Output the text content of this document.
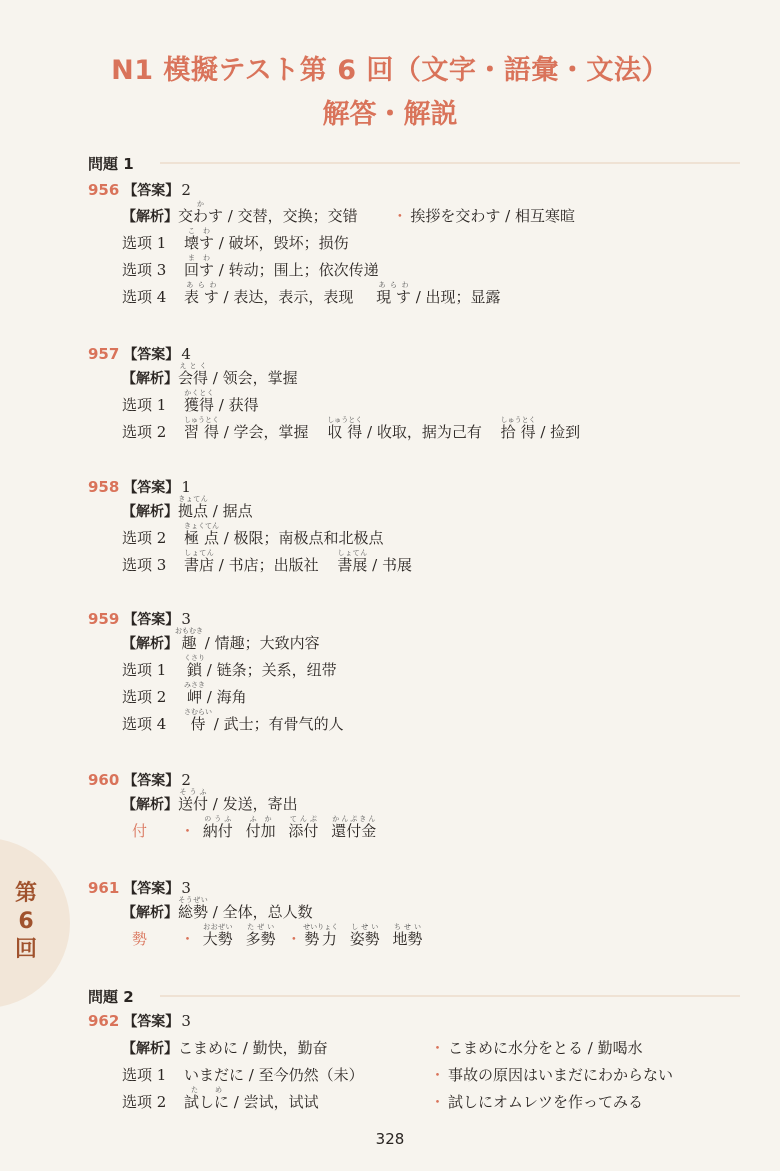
N1 模擬テスト第 6 回（文字・語彙・文法）
解答・解説
第6回
問題 1
956 【答案】 2
【解析】交わすか / 交替，交换；交错 ・ 挨拶を交わす / 相互寒暄
选项 1 壊すこわ / 破坏，毁坏；损伤
选项 3 回すまわ / 转动；围上；依次传递
选项 4 表 すあらわ / 表达，表示，表现 現 すあらわ / 出现；显露
957 【答案】 4
【解析】会得えとく / 领会，掌握
选项 1 獲得かくとく / 获得
选项 2 習 得しゅうとく / 学会，掌握 収 得しゅうとく / 收取，据为己有 拾 得しゅうとく / 捡到
958 【答案】 1
【解析】拠点きょてん / 据点
选项 2 極 点きょくてん / 极限；南极点和北极点
选项 3 書店しょてん / 书店；出版社 書展しょてん / 书展
959 【答案】 3
【解析】趣おもむき / 情趣；大致内容
选项 1 鎖くさり / 链条；关系，纽带
选项 2 岬みさき / 海角
选项 4 侍さむらい / 武士；有骨气的人
960 【答案】 2
【解析】送付そうふ / 发送，寄出
付 ・ 納付のうふ 付加ふか 添付てんぷ 還付金かんぷきん
961 【答案】 3
【解析】総勢そうぜい / 全体，总人数
勢 ・ 大勢おおぜい 多勢たぜい ・ 勢力せいりょく 姿勢しせい 地勢ちせい
問題 2
962 【答案】 3
【解析】こまめに / 勤快，勤奋	・ こまめに水分をとる / 勤喝水
选项 1 いまだに / 至今仍然（未）	・ 事故の原因はいまだにわからない
选项 2 試しにため / 尝试，试试	・ 試しにオムレツを作ってみる
328
